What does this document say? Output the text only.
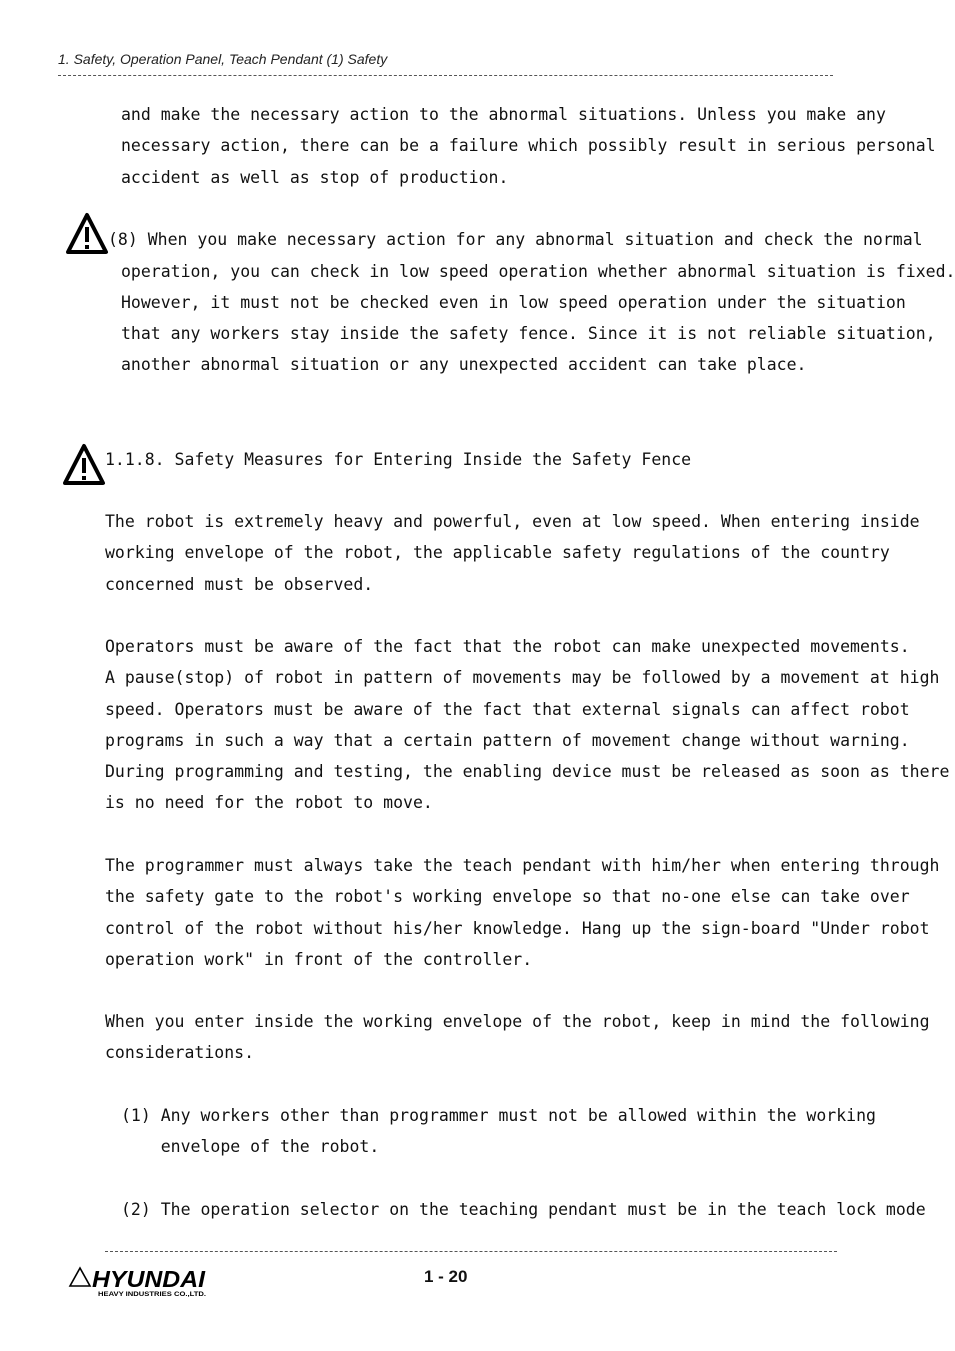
1. Safety, Operation Panel, Teach Pendant (1) Safety
and make the necessary action to the abnormal situations. Unless you make any
necessary action, there can be a failure which possibly result in serious personal
accident as well as stop of production.
(8) When you make necessary action for any abnormal situation and check the normal
operation, you can check in low speed operation whether abnormal situation is fixed.
However, it must not be checked even in low speed operation under the situation
that any workers stay inside the safety fence. Since it is not reliable situation,
another abnormal situation or any unexpected accident can take place.
1.1.8. Safety Measures for Entering Inside the Safety Fence
The robot is extremely heavy and powerful, even at low speed. When entering inside
working envelope of the robot, the applicable safety regulations of the country
concerned must be observed.
Operators must be aware of the fact that the robot can make unexpected movements.
A pause(stop) of robot in pattern of movements may be followed by a movement at high
speed. Operators must be aware of the fact that external signals can affect robot
programs in such a way that a certain pattern of movement change without warning.
During programming and testing, the enabling device must be released as soon as there
is no need for the robot to move.
The programmer must always take the teach pendant with him/her when entering through
the safety gate to the robot's working envelope so that no-one else can take over
control of the robot without his/her knowledge. Hang up the sign-board "Under robot
operation work" in front of the controller.
When you enter inside the working envelope of the robot, keep in mind the following
considerations.
(1) Any workers other than programmer must not be allowed within the working
envelope of the robot.
(2) The operation selector on the teaching pendant must be in the teach lock mode
HYUNDAI
HEAVY INDUSTRIES CO.,LTD.
1 - 20
